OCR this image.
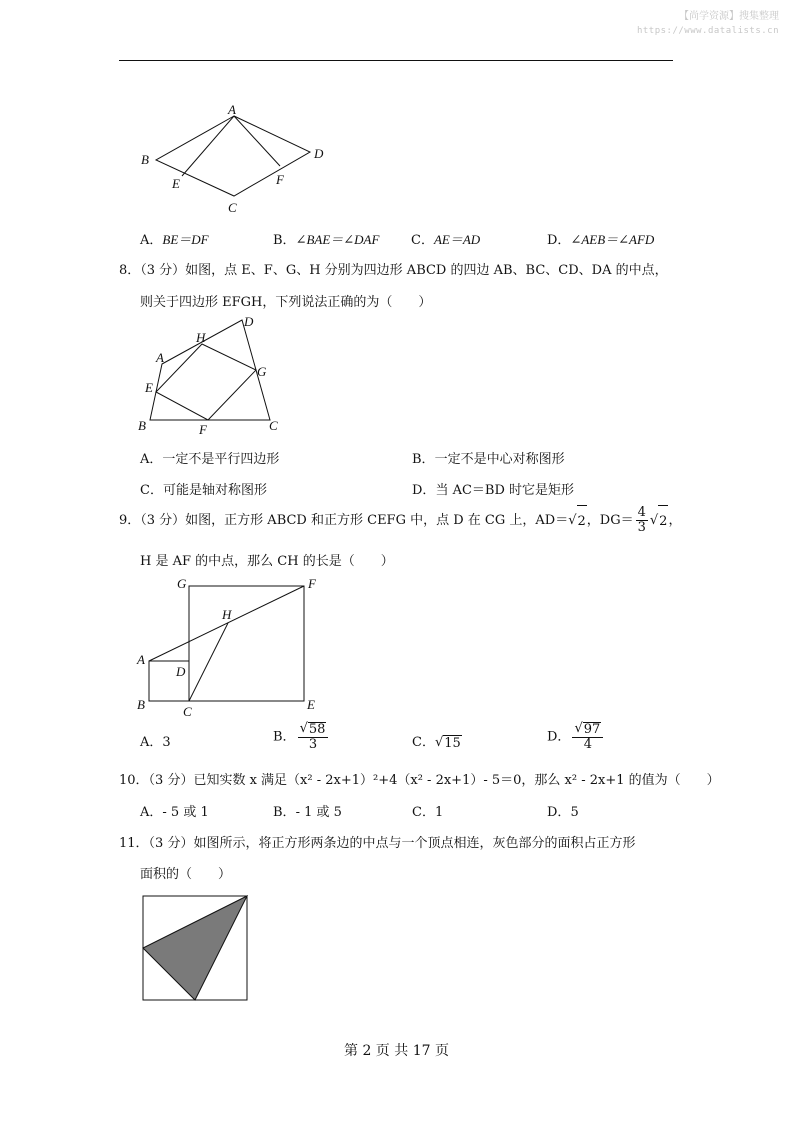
【尚学资源】搜集整理
https://www.datalists.cn
A
B
C
D
E	F
A．BE＝DF	B．∠BAE＝∠DAF C．AE＝AD	D．∠AEB＝∠AFD
8．（3 分）如图，点 E、F、G、H 分别为四边形 ABCD 的四边 AB、BC、CD、DA 的中点，
则关于四边形 EFGH，下列说法正确的为（　　）
A
B	C
D
E
F
G
H
A．一定不是平行四边形	B．一定不是中心对称图形
C．可能是轴对称图形	D．当 AC＝BD 时它是矩形
9．（3 分）如图，正方形 ABCD 和正方形 CEFG 中，点 D 在 CG 上，AD＝ √ 2 ，$DG= \frac{4}{3}$ √ 2 ，
H 是 AF 的中点，那么 CH 的长是（　　）
A
B	C
D
E
F
G
H
A．3	B． $\frac{√ 58}{3}$	C． √ 15	D． $\frac{√ 97}{4}$
10．（3 分）已知实数 x 满足（x² - 2x+1）²+4（x² - 2x+1）- 5＝0，那么 x² - 2x+1 的值为（　　）
A．- 5 或 1	B．- 1 或 5	C．1	D．5
11．（3 分）如图所示，将正方形两条边的中点与一个顶点相连，灰色部分的面积占正方形
面积的（　　）
第 2 页 共 17 页
